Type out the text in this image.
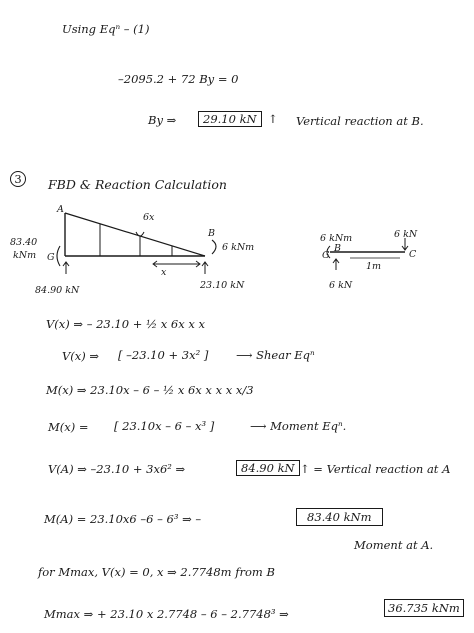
Using Eqⁿ – (1)
–2095.2 + 72 By = 0
By ⇒	29.10 kN ↑ Vertical reaction at B.
3	FBD & Reaction Calculation
A
B
G
83.40
kNm
6 kNm
6x
x
84.90 kN	23.10 kN
6 kNm	6 kN
G
B
C
1m
6 kN
V(x) ⇒ – 23.10 + ½ x 6x x x
V(x) ⇒ [ –23.10 + 3x² ] ⟶ Shear Eqⁿ
M(x) ⇒ 23.10x – 6 – ½ x 6x x x x x/3
M(x) = [ 23.10x – 6 – x³ ]	⟶ Moment Eqⁿ.
V(A) ⇒ –23.10 + 3x6² ⇒	84.90 kN ↑ = Vertical reaction at A
M(A) = 23.10x6 –6 – 6³ ⇒ –	83.40 kNm
Moment at A.
for Mmax, V(x) = 0, x ⇒ 2.7748m from B
Mmax ⇒ + 23.10 x 2.7748 – 6 – 2.7748³ ⇒	36.735 kNm
